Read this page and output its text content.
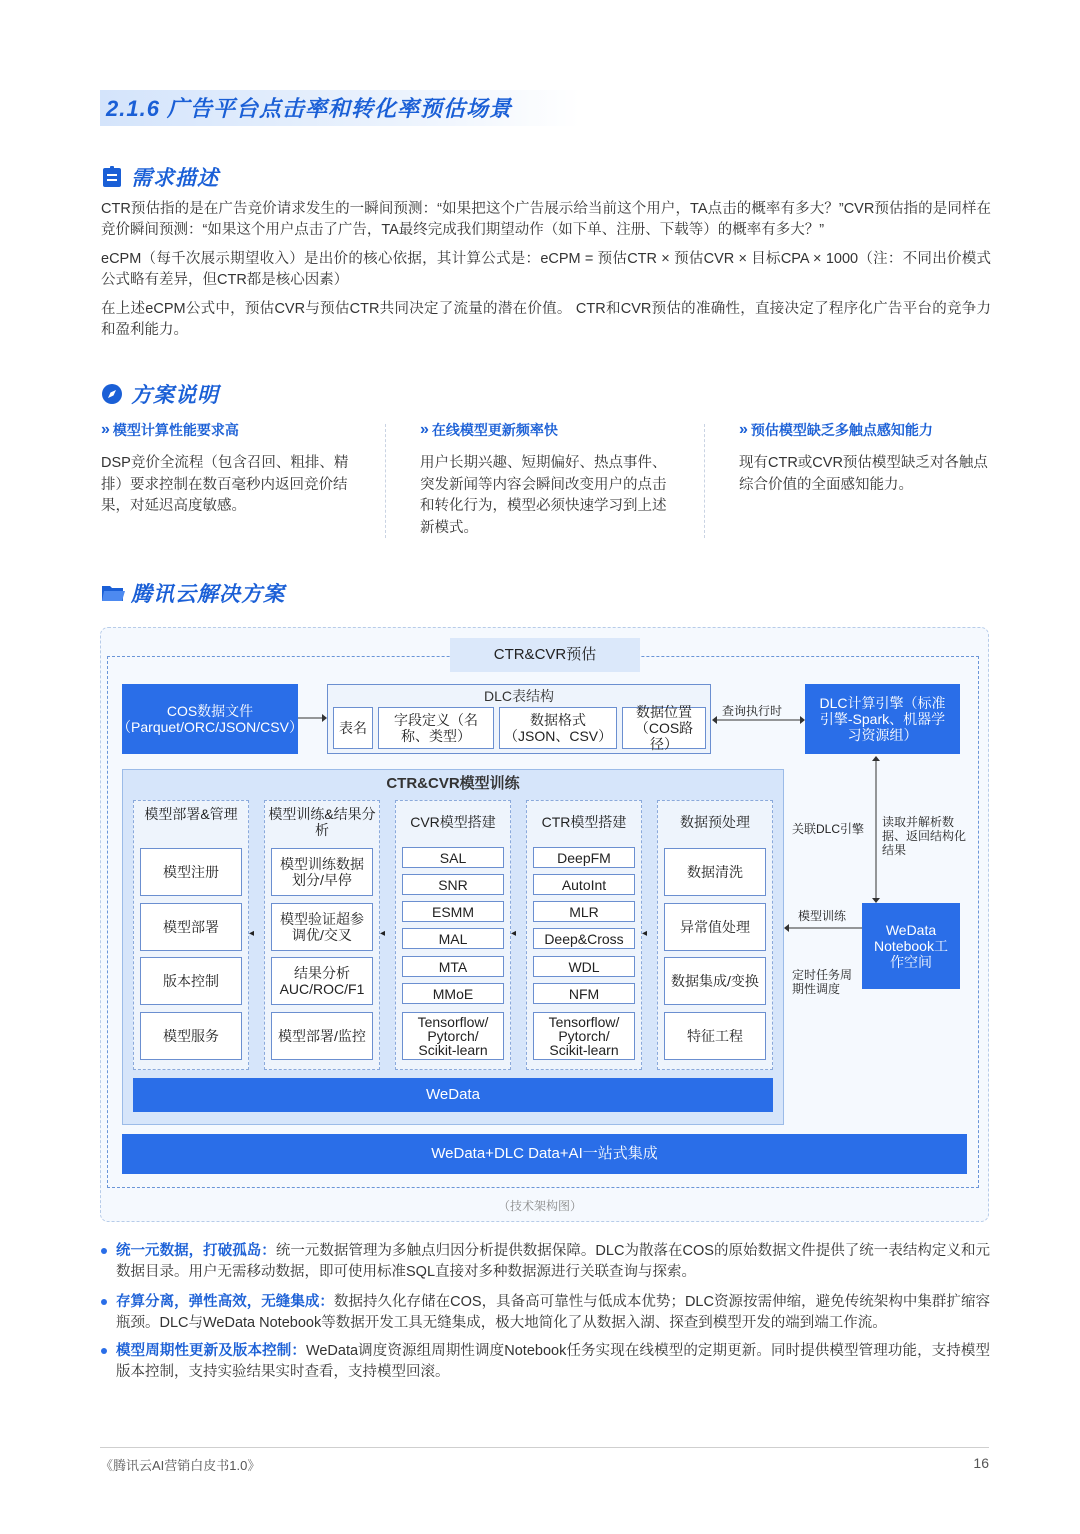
2.1.6 广告平台点击率和转化率预估场景
需求描述
CTR预估指的是在广告竞价请求发生的一瞬间预测：“如果把这个广告展示给当前这个用户，TA点击的概率有多大？”CVR预估指的是同样在竞价瞬间预测：“如果这个用户点击了广告，TA最终完成我们期望动作（如下单、注册、下载等）的概率有多大？”
eCPM（每千次展示期望收入）是出价的核心依据，其计算公式是：eCPM = 预估CTR × 预估CVR × 目标CPA × 1000（注：不同出价模式公式略有差异，但CTR都是核心因素）
在上述eCPM公式中，预估CVR与预估CTR共同决定了流量的潜在价值。 CTR和CVR预估的准确性，直接决定了程序化广告平台的竞争力和盈利能力。
方案说明
» 模型计算性能要求高
DSP竞价全流程（包含召回、粗排、精排）要求控制在数百毫秒内返回竞价结果，对延迟高度敏感。
» 在线模型更新频率快
用户长期兴趣、短期偏好、热点事件、突发新闻等内容会瞬间改变用户的点击和转化行为，模型必须快速学习到上述新模式。
» 预估模型缺乏多触点感知能力
现有CTR或CVR预估模型缺乏对各触点综合价值的全面感知能力。
腾讯云解决方案
CTR&CVR预估
COS数据文件（Parquet/ORC/JSON/CSV）
DLC表结构
表名	字段定义（名称、类型）
数据格式（JSON、CSV）
数据位置（COS路径）
查询执行时	DLC计算引擎（标准引擎-Spark、机器学习资源组）
CTR&CVR模型训练
模型部署&管理
模型注册
模型部署
版本控制
模型服务
◂
模型训练&结果分析
模型训练数据划分/早停
模型验证超参调优/交叉
结果分析AUC/ROC/F1
模型部署/监控
◂
CVR模型搭建
SAL
SNR
ESMM
MAL
MTA
MMoE
Tensorflow/ Pytorch/ Scikit-learn
◂
CTR模型搭建
DeepFM
AutoInt
MLR
Deep&Cross
WDL
NFM
Tensorflow/ Pytorch/ Scikit-learn
◂
数据预处理
数据清洗
异常值处理
数据集成/变换
特征工程
WeData
WeData+DLC Data+AI一站式集成
关联DLC引擎 读取并解析数据、返回结构化结果
模型训练
定时任务周期性调度
WeData Notebook工作空间
（技术架构图）
统一元数据，打破孤岛：统一元数据管理为多触点归因分析提供数据保障。DLC为散落在COS的原始数据文件提供了统一表结构定义和元数据目录。用户无需移动数据，即可使用标准SQL直接对多种数据源进行关联查询与探索。
存算分离，弹性高效，无缝集成：数据持久化存储在COS，具备高可靠性与低成本优势；DLC资源按需伸缩，避免传统架构中集群扩缩容瓶颈。DLC与WeData Notebook等数据开发工具无缝集成，极大地简化了从数据入湖、探查到模型开发的端到端工作流。
模型周期性更新及版本控制：WeData调度资源组周期性调度Notebook任务实现在线模型的定期更新。同时提供模型管理功能，支持模型版本控制，支持实验结果实时查看，支持模型回滚。
《腾讯云AI营销白皮书1.0》	16
